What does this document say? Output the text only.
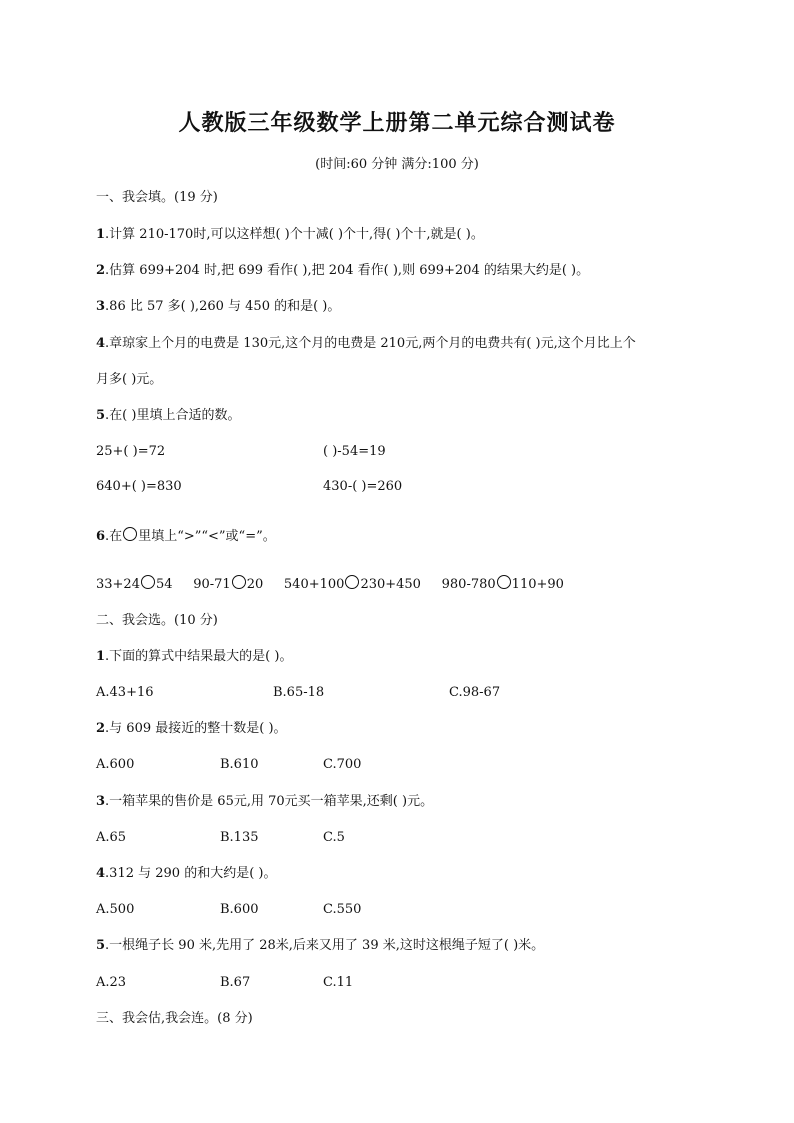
人教版三年级数学上册第二单元综合测试卷
(时间:60 分钟 满分:100 分)
一、我会填。(19 分)
1.计算 210-170时,可以这样想( )个十减( )个十,得( )个十,就是( )。
2.估算 699+204 时,把 699 看作( ),把 204 看作( ),则 699+204 的结果大约是( )。
3.86 比 57 多( ),260 与 450 的和是( )。
4.章琼家上个月的电费是 130元,这个月的电费是 210元,两个月的电费共有( )元,这个月比上个
月多( )元。
5.在( )里填上合适的数。
25+( )=72	( )-54=19
640+( )=830	430-( )=260
6.在 里填上“>”“<”或“=”。
33+24 54 90-71 20 540+100 230+450 980-780 110+90
二、我会选。(10 分)
1.下面的算式中结果最大的是( )。
A.43+16	B.65-18	C.98-67
2.与 609 最接近的整十数是( )。
A.600	B.610	C.700
3.一箱苹果的售价是 65元,用 70元买一箱苹果,还剩( )元。
A.65	B.135	C.5
4.312 与 290 的和大约是( )。
A.500	B.600	C.550
5.一根绳子长 90 米,先用了 28米,后来又用了 39 米,这时这根绳子短了( )米。
A.23	B.67	C.11
三、我会估,我会连。(8 分)
